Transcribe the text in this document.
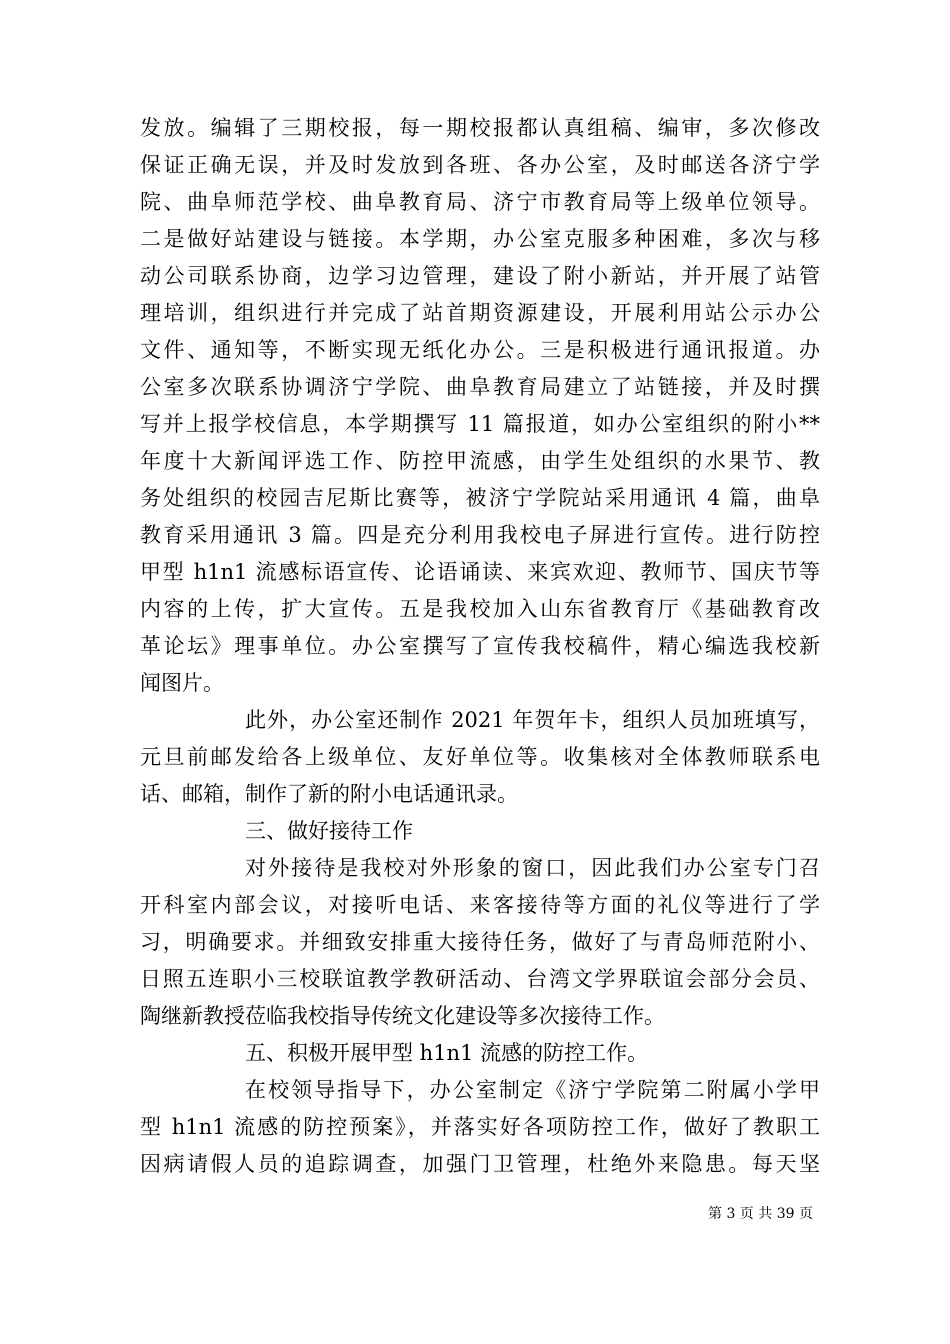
发放。编辑了三期校报，每一期校报都认真组稿、编审，多次修改
保证正确无误，并及时发放到各班、各办公室，及时邮送各济宁学
院、曲阜师范学校、曲阜教育局、济宁市教育局等上级单位领导。
二是做好站建设与链接。本学期，办公室克服多种困难，多次与移
动公司联系协商，边学习边管理，建设了附小新站，并开展了站管
理培训，组织进行并完成了站首期资源建设，开展利用站公示办公
文件、通知等，不断实现无纸化办公。三是积极进行通讯报道。办
公室多次联系协调济宁学院、曲阜教育局建立了站链接，并及时撰
写并上报学校信息，本学期撰写 11 篇报道，如办公室组织的附小**
年度十大新闻评选工作、防控甲流感，由学生处组织的水果节、教
务处组织的校园吉尼斯比赛等，被济宁学院站采用通讯 4 篇，曲阜
教育采用通讯 3 篇。四是充分利用我校电子屏进行宣传。进行防控
甲型 h1n1 流感标语宣传、论语诵读、来宾欢迎、教师节、国庆节等
内容的上传，扩大宣传。五是我校加入山东省教育厅《基础教育改
革论坛》理事单位。办公室撰写了宣传我校稿件，精心编选我校新
闻图片。
此外，办公室还制作 2021 年贺年卡，组织人员加班填写，
元旦前邮发给各上级单位、友好单位等。收集核对全体教师联系电
话、邮箱，制作了新的附小电话通讯录。
三、做好接待工作
对外接待是我校对外形象的窗口，因此我们办公室专门召
开科室内部会议，对接听电话、来客接待等方面的礼仪等进行了学
习，明确要求。并细致安排重大接待任务，做好了与青岛师范附小、
日照五连职小三校联谊教学教研活动、台湾文学界联谊会部分会员、
陶继新教授莅临我校指导传统文化建设等多次接待工作。
五、积极开展甲型 h1n1 流感的防控工作。
在校领导指导下，办公室制定《济宁学院第二附属小学甲
型 h1n1 流感的防控预案》，并落实好各项防控工作，做好了教职工
因病请假人员的追踪调查，加强门卫管理，杜绝外来隐患。每天坚
第 3 页 共 39 页
